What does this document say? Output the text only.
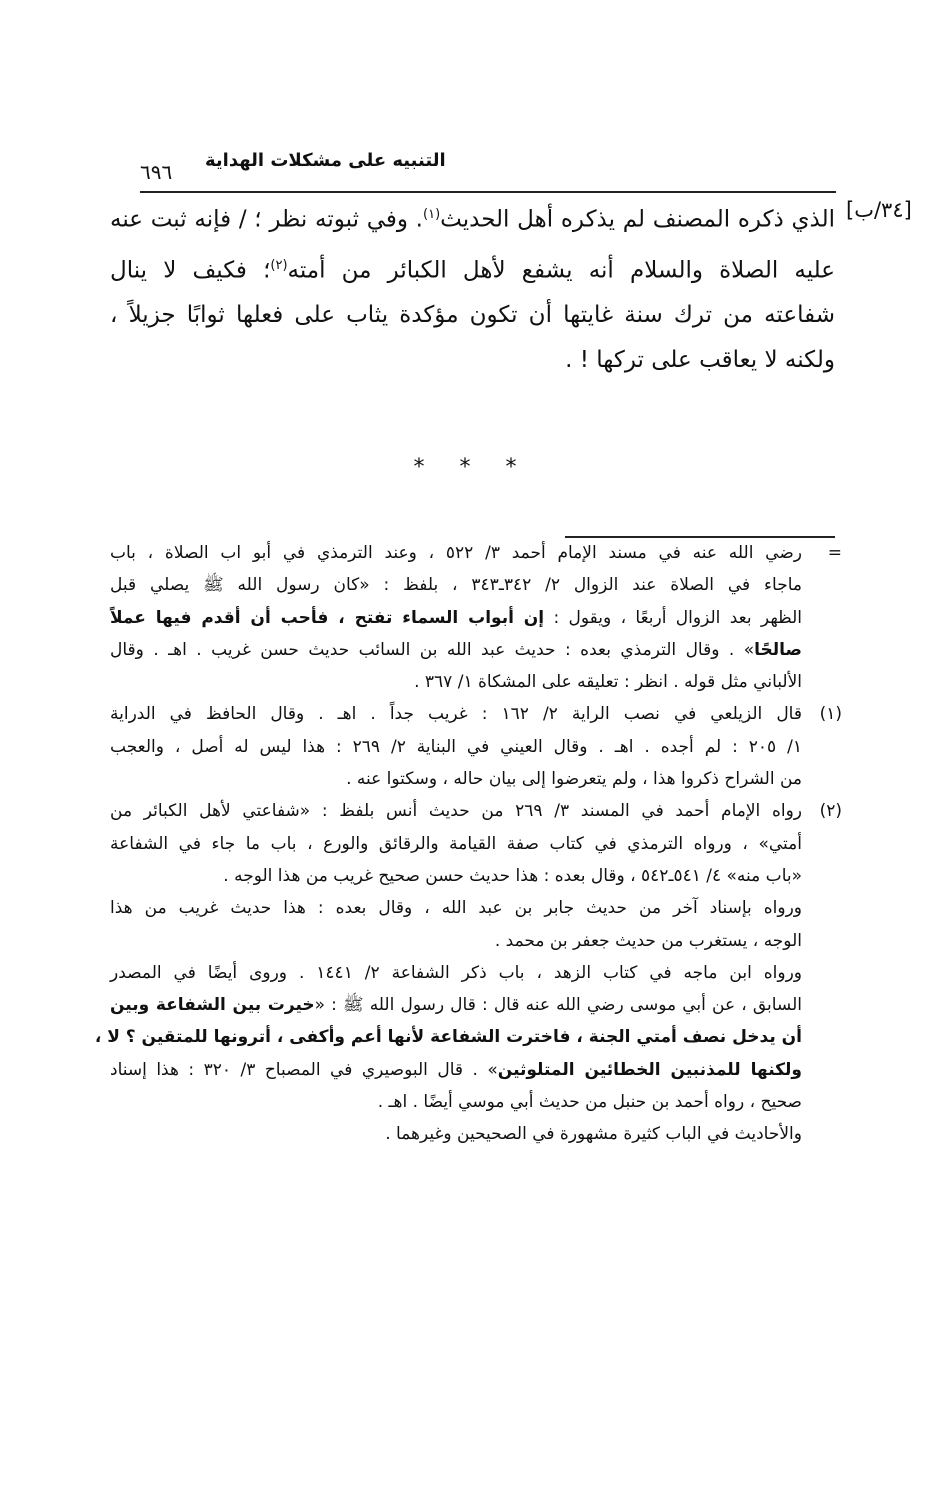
التنبيه على مشكلات الهداية
٦٩٦
[٣٤/ب]
الذي ذكره المصنف لم يذكره أهل الحديث$^{(١)}$. وفي ثبوته نظر ؛ / فإنه ثبت عنه
عليه الصلاة والسلام أنه يشفع لأهل الكبائر من أمته$^{(٢)}$؛ فكيف لا ينال
شفاعته من ترك سنة غايتها أن تكون مؤكدة يثاب على فعلها ثوابًا جزيلاً ،
ولكنه لا يعاقب على تركها ! .
* * *
=
رضي الله عنه في مسند الإمام أحمد ٣/ ٥٢٢ ، وعند الترمذي في أبو اب الصلاة ، باب
ماجاء في الصلاة عند الزوال ٢/ ٣٤٢ـ٣٤٣ ، بلفظ : «كان رسول الله ﷺ يصلي قبل
الظهر بعد الزوال أربعًا ، ويقول : إن أبواب السماء تفتح ، فأحب أن أقدم فيها عملاً
صالحًا» . وقال الترمذي بعده : حديث عبد الله بن السائب حديث حسن غريب . اهـ . وقال
الألباني مثل قوله . انظر : تعليقه على المشكاة ١/ ٣٦٧ .
(١)
قال الزيلعي في نصب الراية ٢/ ١٦٢ : غريب جداً . اهـ . وقال الحافظ في الدراية
١/ ٢٠٥ : لم أجده . اهـ . وقال العيني في البناية ٢/ ٢٦٩ : هذا ليس له أصل ، والعجب
من الشراح ذكروا هذا ، ولم يتعرضوا إلى بيان حاله ، وسكتوا عنه .
(٢)
رواه الإمام أحمد في المسند ٣/ ٢٦٩ من حديث أنس بلفظ : «شفاعتي لأهل الكبائر من
أمتي» ، ورواه الترمذي في كتاب صفة القيامة والرقائق والورع ، باب ما جاء في الشفاعة
«باب منه» ٤/ ٥٤١ـ٥٤٢ ، وقال بعده : هذا حديث حسن صحيح غريب من هذا الوجه .
ورواه بإسناد آخر من حديث جابر بن عبد الله ، وقال بعده : هذا حديث غريب من هذا
الوجه ، يستغرب من حديث جعفر بن محمد .
ورواه ابن ماجه في كتاب الزهد ، باب ذكر الشفاعة ٢/ ١٤٤١ . وروى أيضًا في المصدر
السابق ، عن أبي موسى رضي الله عنه قال : قال رسول الله ﷺ : «خيرت بين الشفاعة وبين
أن يدخل نصف أمتي الجنة ، فاخترت الشفاعة لأنها أعم وأكفى ، أترونها للمتقين ؟ لا ،
ولكنها للمذنبين الخطائين المتلوثين» . قال البوصيري في المصباح ٣/ ٣٢٠ : هذا إسناد
صحيح ، رواه أحمد بن حنبل من حديث أبي موسي أيضًا . اهـ .
والأحاديث في الباب كثيرة مشهورة في الصحيحين وغيرهما .
